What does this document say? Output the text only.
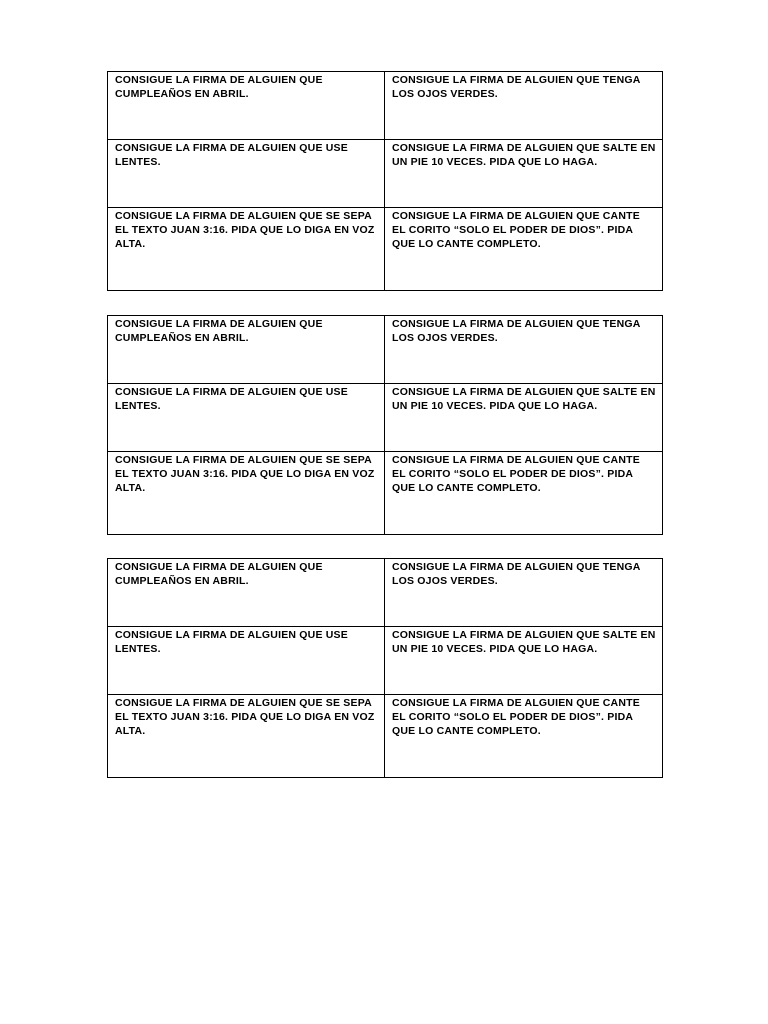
CONSIGUE LA FIRMA DE ALGUIEN QUE CUMPLEAÑOS EN ABRIL.	CONSIGUE LA FIRMA DE ALGUIEN QUE TENGA LOS OJOS VERDES.
CONSIGUE LA FIRMA DE ALGUIEN QUE USE LENTES.	CONSIGUE LA FIRMA DE ALGUIEN QUE SALTE EN UN PIE 10 VECES. PIDA QUE LO HAGA.
CONSIGUE LA FIRMA DE ALGUIEN QUE SE SEPA EL TEXTO JUAN 3:16. PIDA QUE LO DIGA EN VOZ ALTA.	CONSIGUE LA FIRMA DE ALGUIEN QUE CANTE EL CORITO “SOLO EL PODER DE DIOS”. PIDA QUE LO CANTE COMPLETO.
CONSIGUE LA FIRMA DE ALGUIEN QUE CUMPLEAÑOS EN ABRIL.	CONSIGUE LA FIRMA DE ALGUIEN QUE TENGA LOS OJOS VERDES.
CONSIGUE LA FIRMA DE ALGUIEN QUE USE LENTES.	CONSIGUE LA FIRMA DE ALGUIEN QUE SALTE EN UN PIE 10 VECES. PIDA QUE LO HAGA.
CONSIGUE LA FIRMA DE ALGUIEN QUE SE SEPA EL TEXTO JUAN 3:16. PIDA QUE LO DIGA EN VOZ ALTA.	CONSIGUE LA FIRMA DE ALGUIEN QUE CANTE EL CORITO “SOLO EL PODER DE DIOS”. PIDA QUE LO CANTE COMPLETO.
CONSIGUE LA FIRMA DE ALGUIEN QUE CUMPLEAÑOS EN ABRIL.	CONSIGUE LA FIRMA DE ALGUIEN QUE TENGA LOS OJOS VERDES.
CONSIGUE LA FIRMA DE ALGUIEN QUE USE LENTES.	CONSIGUE LA FIRMA DE ALGUIEN QUE SALTE EN UN PIE 10 VECES. PIDA QUE LO HAGA.
CONSIGUE LA FIRMA DE ALGUIEN QUE SE SEPA EL TEXTO JUAN 3:16. PIDA QUE LO DIGA EN VOZ ALTA.	CONSIGUE LA FIRMA DE ALGUIEN QUE CANTE EL CORITO “SOLO EL PODER DE DIOS”. PIDA QUE LO CANTE COMPLETO.
